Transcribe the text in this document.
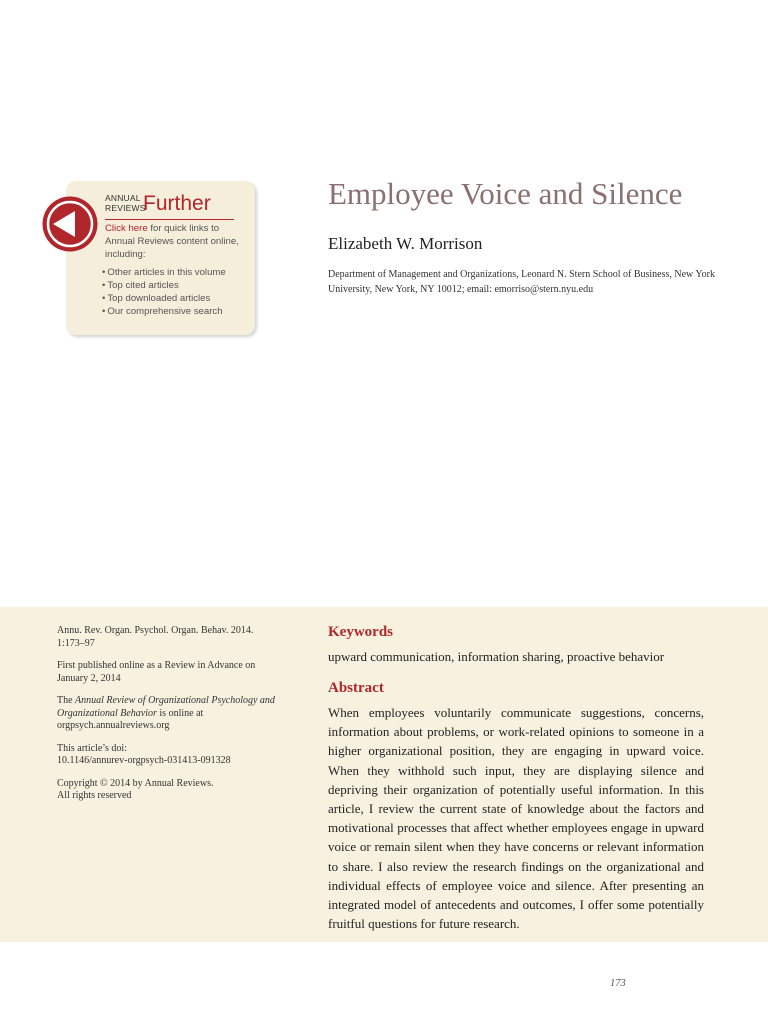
ANNUAL
REVIEWS
Further
Click here for quick links to Annual Reviews content online, including:
• Other articles in this volume
• Top cited articles
• Top downloaded articles
• Our comprehensive search
Employee Voice and Silence
Elizabeth W. Morrison
Department of Management and Organizations, Leonard N. Stern School of Business, New York University, New York, NY 10012; email: emorriso@stern.nyu.edu

Annu. Rev. Organ. Psychol. Organ. Behav. 2014. 1:173–97

First published online as a Review in Advance on January 2, 2014

The Annual Review of Organizational Psychology and Organizational Behavior is online at orgpsych.annualreviews.org

This article’s doi:
10.1146/annurev-orgpsych-031413-091328

Copyright © 2014 by Annual Reviews.
All rights reserved

Keywords
upward communication, information sharing, proactive behavior
Abstract
When employees voluntarily communicate suggestions, concerns, information about problems, or work-related opinions to someone in a higher organizational position, they are engaging in upward voice. When they withhold such input, they are displaying silence and depriving their organization of potentially useful information. In this article, I review the current state of knowledge about the factors and motivational processes that affect whether employees engage in upward voice or remain silent when they have concerns or relevant information to share. I also review the research findings on the organizational and individual effects of employee voice and silence. After presenting an integrated model of antecedents and outcomes, I offer some potentially fruitful questions for future research.
173
